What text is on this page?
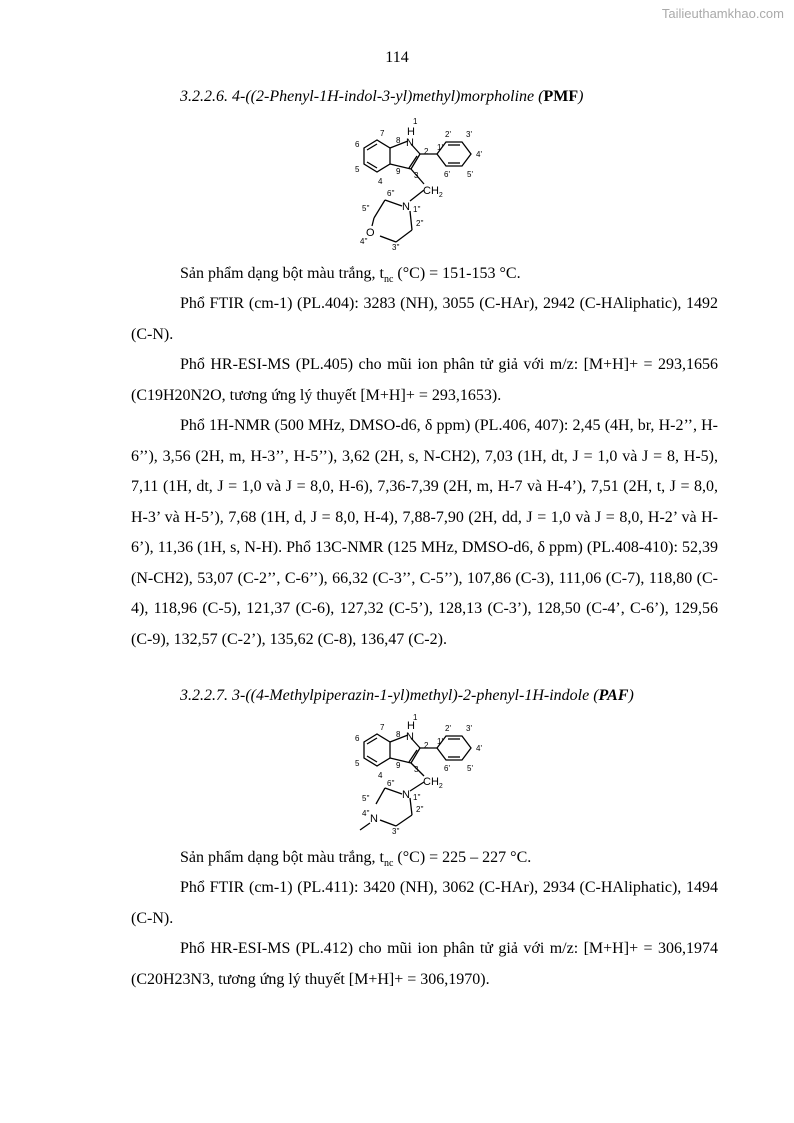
Tailieuthamkhao.com
114
3.2.2.6. 4-((2-Phenyl-1H-indol-3-yl)methyl)morpholine (PMF)
1
H
N
7
8
6
5
4
9
2
3
1'
2' 3'
4'
5'
6'
$CH_2$
6''
N 1''
5''
2''
O
4''
3''

Sản phẩm dạng bột màu trắng, $t_{nc}$ (°C) = 151-153 °C.

Phổ FTIR (cm-1) (PL.404): 3283 (NH), 3055 (C-HAr), 2942 (C-HAliphatic), 1492 (C-N).

Phổ HR-ESI-MS (PL.405) cho mũi ion phân tử giả với m/z: [M+H]+ = 293,1656 (C19H20N2O, tương ứng lý thuyết [M+H]+ = 293,1653).

Phổ 1H-NMR (500 MHz, DMSO-d6, δ ppm) (PL.406, 407): 2,45 (4H, br, H-2’’, H-6’’), 3,56 (2H, m, H-3’’, H-5’’), 3,62 (2H, s, N-CH2), 7,03 (1H, dt, J = 1,0 và J = 8, H-5), 7,11 (1H, dt, J = 1,0 và J = 8,0, H-6), 7,36-7,39 (2H, m, H-7 và H-4’), 7,51 (2H, t, J = 8,0, H-3’ và H-5’), 7,68 (1H, d, J = 8,0, H-4), 7,88-7,90 (2H, dd, J = 1,0 và J = 8,0, H-2’ và H-6’), 11,36 (1H, s, N-H). Phổ 13C-NMR (125 MHz, DMSO-d6, δ ppm) (PL.408-410): 52,39 (N-CH2), 53,07 (C-2’’, C-6’’), 66,32 (C-3’’, C-5’’), 107,86 (C-3), 111,06 (C-7), 118,80 (C-4), 118,96 (C-5), 121,37 (C-6), 127,32 (C-5’), 128,13 (C-3’), 128,50 (C-4’, C-6’), 129,56 (C-9), 132,57 (C-2’), 135,62 (C-8), 136,47 (C-2).

3.2.2.7. 3-((4-Methylpiperazin-1-yl)methyl)-2-phenyl-1H-indole (PAF)
1
H
N
7
8
6
5
4
9
2
3
1'
2' 3'
4'
5'
6'
$CH_2$
6''
N 1''
5''
2''
4'' N
3''

Sản phẩm dạng bột màu trắng, $t_{nc}$ (°C) = 225 – 227 °C.

Phổ FTIR (cm-1) (PL.411): 3420 (NH), 3062 (C-HAr), 2934 (C-HAliphatic), 1494 (C-N).

Phổ HR-ESI-MS (PL.412) cho mũi ion phân tử giả với m/z: [M+H]+ = 306,1974 (C20H23N3, tương ứng lý thuyết [M+H]+ = 306,1970).
